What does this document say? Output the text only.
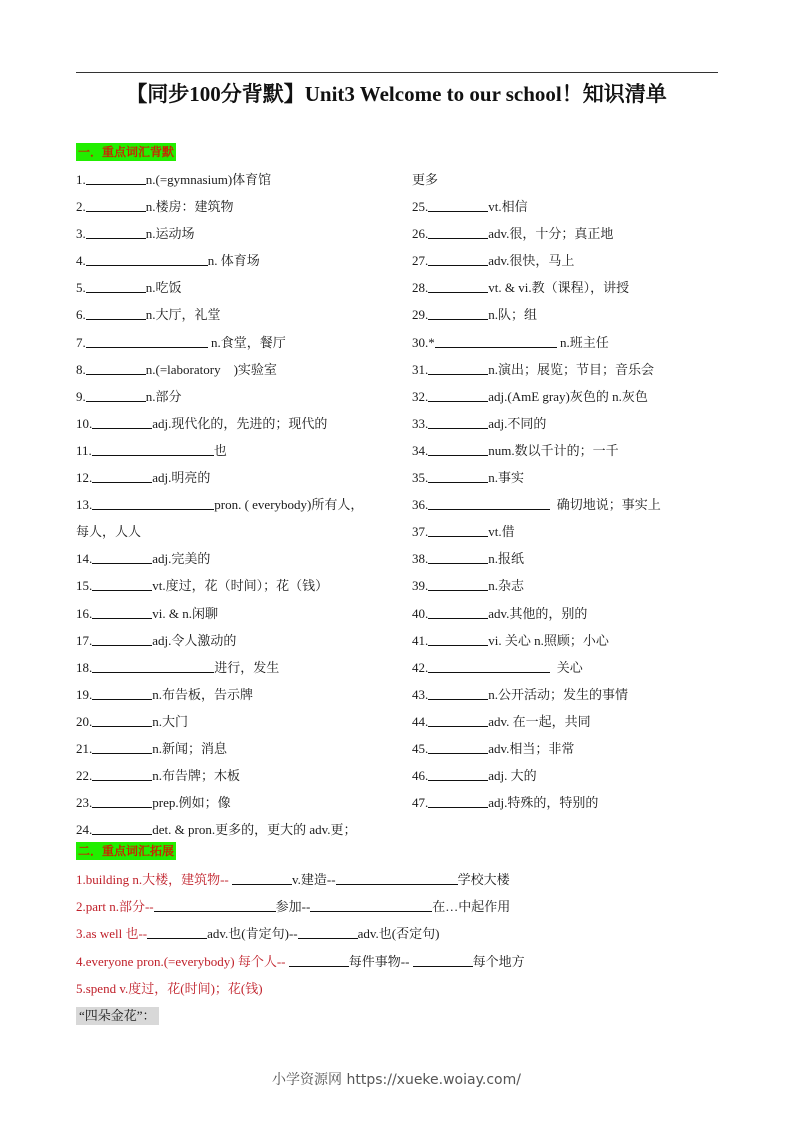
【同步100分背默】Unit3 Welcome to our school！知识清单
一．重点词汇背默
1.	n.(=gymnasium)体育馆
2.	n.楼房：建筑物
3.	n.运动场
4.	n. 体育场
5.	n.吃饭
6.	n.大厅，礼堂
7.	n.食堂，餐厅
8.	n.(=laboratory　)实验室
9.	n.部分
10.	adj.现代化的，先进的；现代的
11.	也
12.	adj.明亮的
13.	pron. ( everybody)所有人，
每人，人人
14.	adj.完美的
15.	vt.度过，花（时间）；花（钱）
16.	vi. & n.闲聊
17.	adj.令人激动的
18.	进行，发生
19.	n.布告板，告示牌
20.	n.大门
21.	n.新闻；消息
22.	n.布告牌；木板
23.	prep.例如；像
24.	det. & pron.更多的，更大的 adv.更；
更多
25.	vt.相信
26.	adv.很，十分；真正地
27.	adv.很快，马上
28.	vt. & vi.教（课程），讲授
29.	n.队；组
30.*	n.班主任
31.	n.演出；展览；节目；音乐会
32.	adj.(AmE gray)灰色的 n.灰色
33.	adj.不同的
34.	num.数以千计的；一千
35.	n.事实
36.	确切地说；事实上
37.	vt.借
38.	n.报纸
39.	n.杂志
40.	adv.其他的，别的
41.	vi. 关心 n.照顾；小心
42.	关心
43.	n.公开活动；发生的事情
44.	adv. 在一起，共同
45.	adv.相当；非常
46.	adj. 大的
47.	adj.特殊的，特别的
二．重点词汇拓展
1.building n.大楼，建筑物--	v.建造--	学校大楼
2.part n.部分--	参加--	在…中起作用
3.as well 也--	adv.也(肯定句)--	adv.也(否定句)
4.everyone pron.(=everybody) 每个人--	每件事物--	每个地方
5.spend v.度过，花(时间)；花(钱)
“四朵金花”：
小学资源网 https://xueke.woiay.com/
